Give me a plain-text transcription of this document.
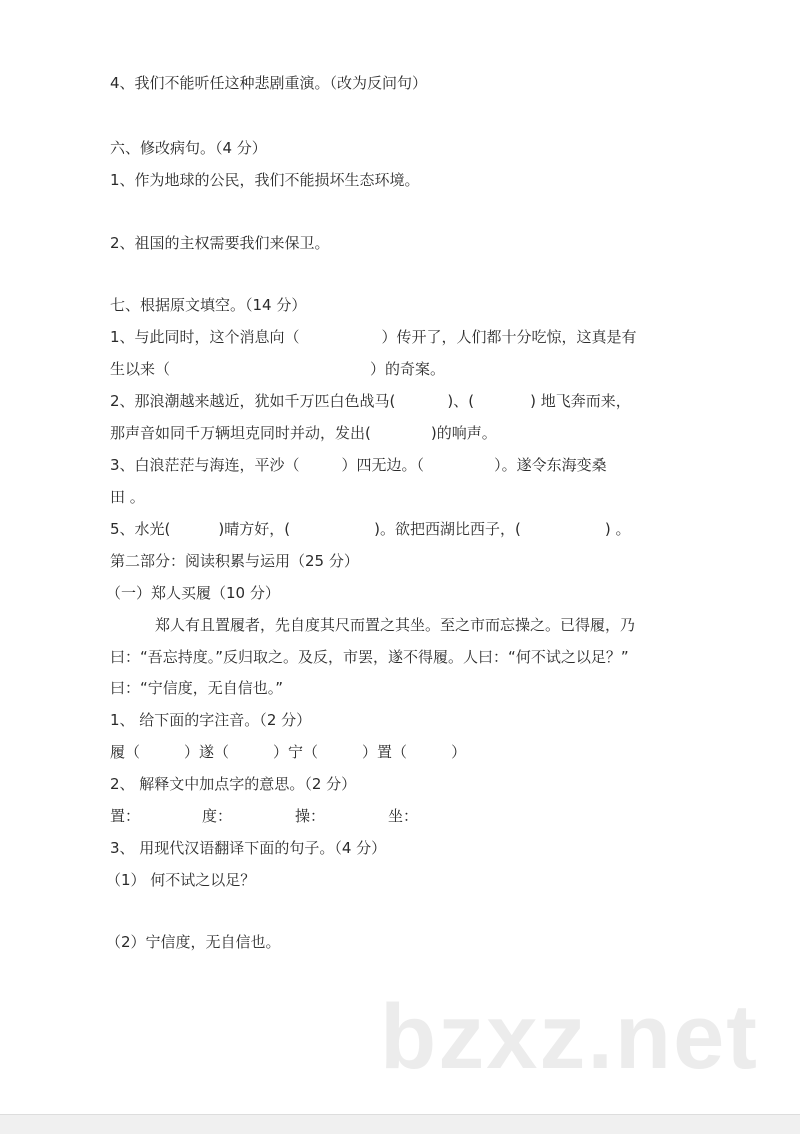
4、我们不能听任这种悲剧重演。（改为反问句）
六、修改病句。（4 分）
1、作为地球的公民，我们不能损坏生态环境。
2、祖国的主权需要我们来保卫。
七、根据原文填空。（14 分）
1、与此同时，这个消息向（	）传开了，人们都十分吃惊，这真是有
生以来（	）的奇案。
2、那浪潮越来越近，犹如千万匹白色战马(	)、(	) 地飞奔而来，
那声音如同千万辆坦克同时并动，发出(	)的响声。
3、白浪茫茫与海连，平沙（	）四无边。（	）。遂令东海变桑
田 。
5、水光(	)晴方好，(	)。欲把西湖比西子，(	) 。
第二部分：阅读积累与运用（25 分）
（一）郑人买履（10 分）
郑人有且置履者，先自度其尺而置之其坐。至之市而忘操之。已得履，乃
曰：“吾忘持度。”反归取之。及反，市罢，遂不得履。人曰：“何不试之以足？”
曰：“宁信度，无自信也。”
1、 给下面的字注音。（2 分）
履（	）遂（	）宁（	）置（	）
2、 解释文中加点字的意思。（2 分）
置：	度：	操：	坐：
3、 用现代汉语翻译下面的句子。（4 分）
（1） 何不试之以足？
（2）宁信度，无自信也。
bzxz.net
